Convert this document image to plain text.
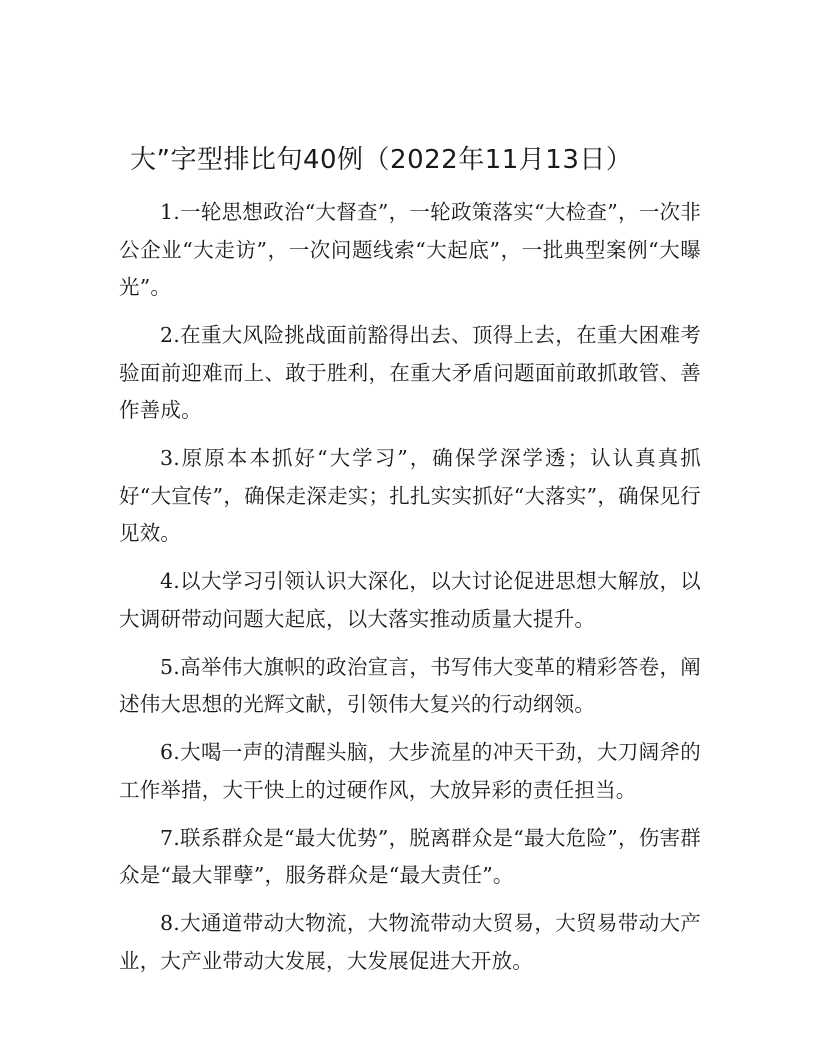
大”字型排比句40例（2022年11月13日）

1.一轮思想政治“大督查”，一轮政策落实“大检查”，一次非公企业“大走访”，一次问题线索“大起底”，一批典型案例“大曝光”。

2.在重大风险挑战面前豁得出去、顶得上去，在重大困难考验面前迎难而上、敢于胜利，在重大矛盾问题面前敢抓敢管、善作善成。

3.原原本本抓好“大学习”，确保学深学透；认认真真抓好“大宣传”，确保走深走实；扎扎实实抓好“大落实”，确保见行见效。

4.以大学习引领认识大深化，以大讨论促进思想大解放，以大调研带动问题大起底，以大落实推动质量大提升。

5.高举伟大旗帜的政治宣言，书写伟大变革的精彩答卷，阐述伟大思想的光辉文献，引领伟大复兴的行动纲领。

6.大喝一声的清醒头脑，大步流星的冲天干劲，大刀阔斧的工作举措，大干快上的过硬作风，大放异彩的责任担当。

7.联系群众是“最大优势”，脱离群众是“最大危险”，伤害群众是“最大罪孽”，服务群众是“最大责任”。

8.大通道带动大物流，大物流带动大贸易，大贸易带动大产业，大产业带动大发展，大发展促进大开放。
